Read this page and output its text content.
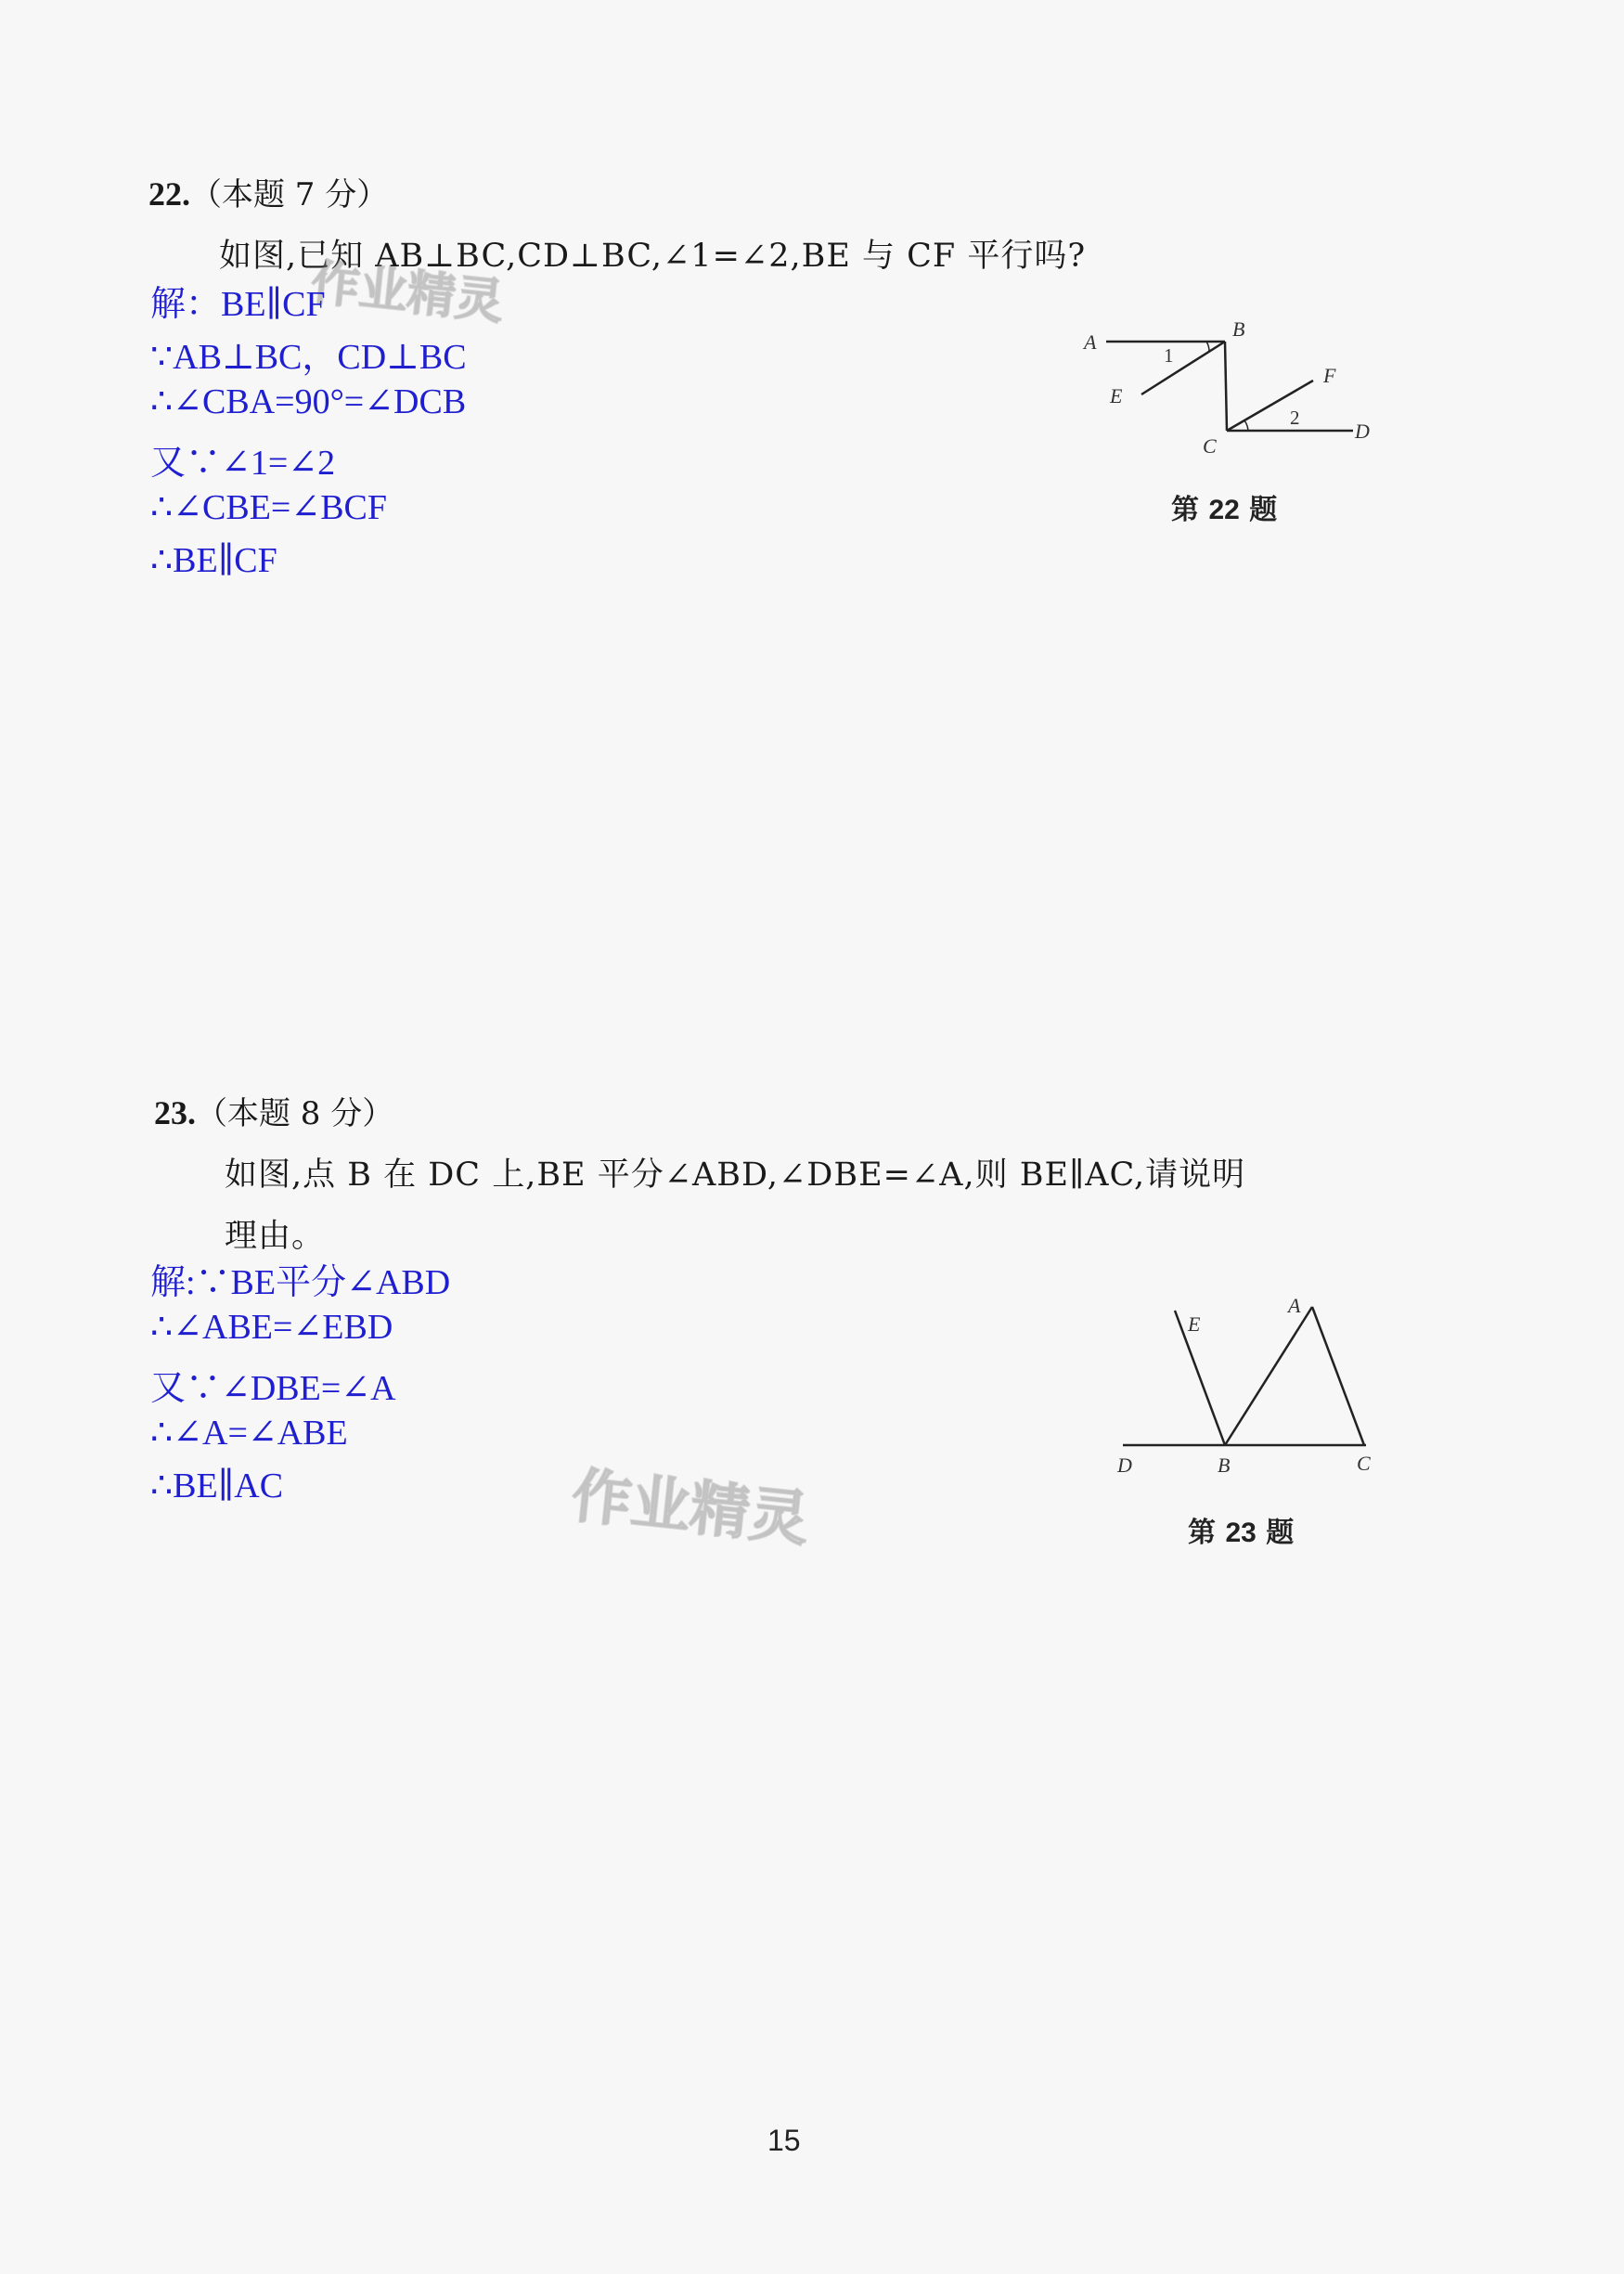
22.（本题 7 分）
如图,已知 AB⊥BC,CD⊥BC,∠1=∠2,BE 与 CF 平行吗?
作业精灵
解：BE∥CF
∵AB⊥BC，CD⊥BC
∴∠CBA=90°=∠DCB
又∵∠1=∠2
∴∠CBE=∠BCF
∴BE∥CF
A
B
C
D
E
F
1
2
第 22 题
23.（本题 8 分）
如图,点 B 在 DC 上,BE 平分∠ABD,∠DBE=∠A,则 BE∥AC,请说明
理由。
解:∵BE平分∠ABD
∴∠ABE=∠EBD
又∵∠DBE=∠A
∴∠A=∠ABE
∴BE∥AC	作业精灵
A
B	C
D
E
第 23 题
15
